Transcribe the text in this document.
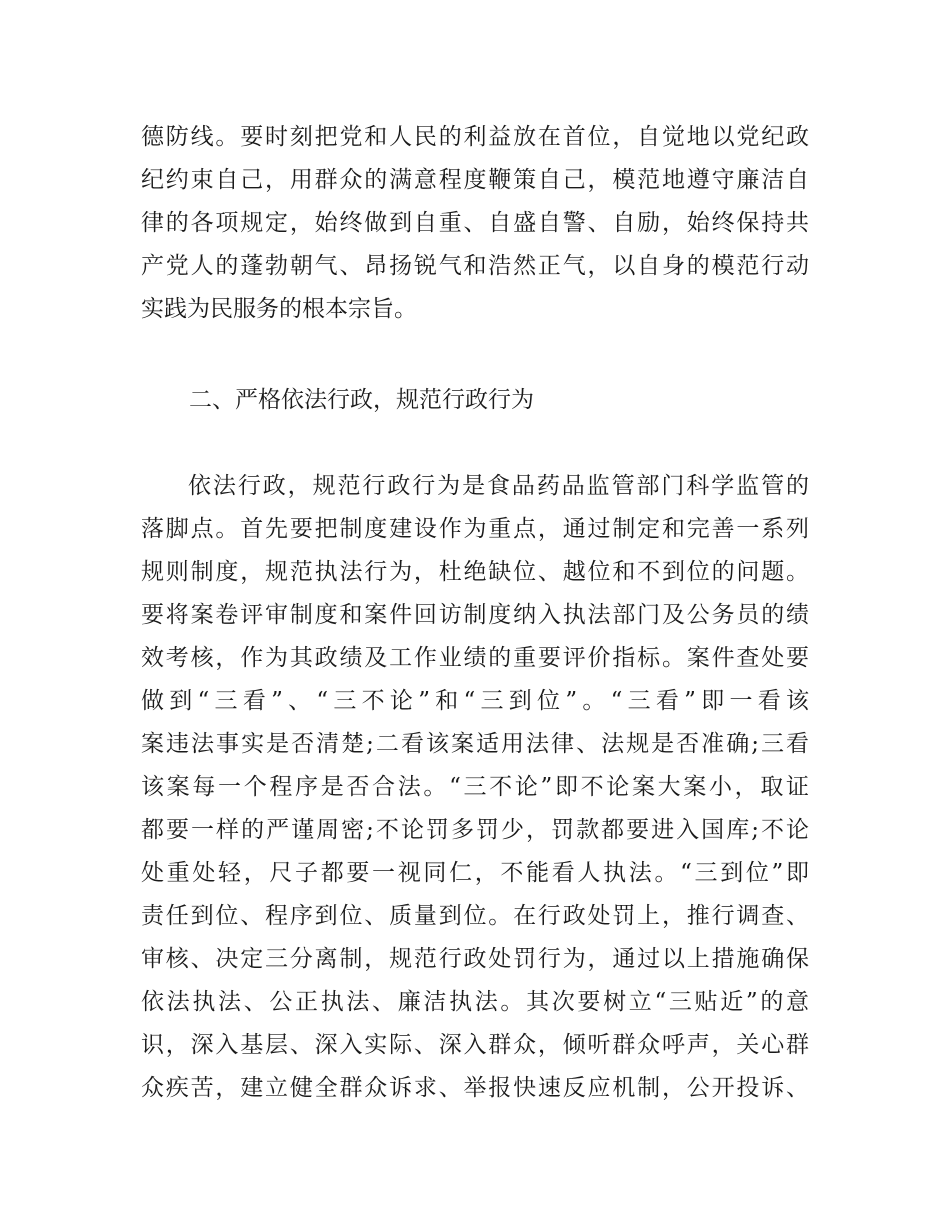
德防线。要时刻把党和人民的利益放在首位，自觉地以党纪政
纪约束自己，用群众的满意程度鞭策自己，模范地遵守廉洁自
律的各项规定，始终做到自重、自盛自警、自励，始终保持共
产党人的蓬勃朝气、昂扬锐气和浩然正气，以自身的模范行动
实践为民服务的根本宗旨。
二、严格依法行政，规范行政行为
依法行政，规范行政行为是食品药品监管部门科学监管的
落脚点。首先要把制度建设作为重点，通过制定和完善一系列
规则制度，规范执法行为，杜绝缺位、越位和不到位的问题。
要将案卷评审制度和案件回访制度纳入执法部门及公务员的绩
效考核，作为其政绩及工作业绩的重要评价指标。案件查处要
做到“三看”、“三不论”和“三到位”。“三看”即一看该
案违法事实是否清楚;二看该案适用法律、法规是否准确;三看
该案每一个程序是否合法。“三不论”即不论案大案小，取证
都要一样的严谨周密;不论罚多罚少，罚款都要进入国库;不论
处重处轻，尺子都要一视同仁，不能看人执法。“三到位”即
责任到位、程序到位、质量到位。在行政处罚上，推行调查、
审核、决定三分离制，规范行政处罚行为，通过以上措施确保
依法执法、公正执法、廉洁执法。其次要树立“三贴近”的意
识，深入基层、深入实际、深入群众，倾听群众呼声，关心群
众疾苦，建立健全群众诉求、举报快速反应机制，公开投诉、
